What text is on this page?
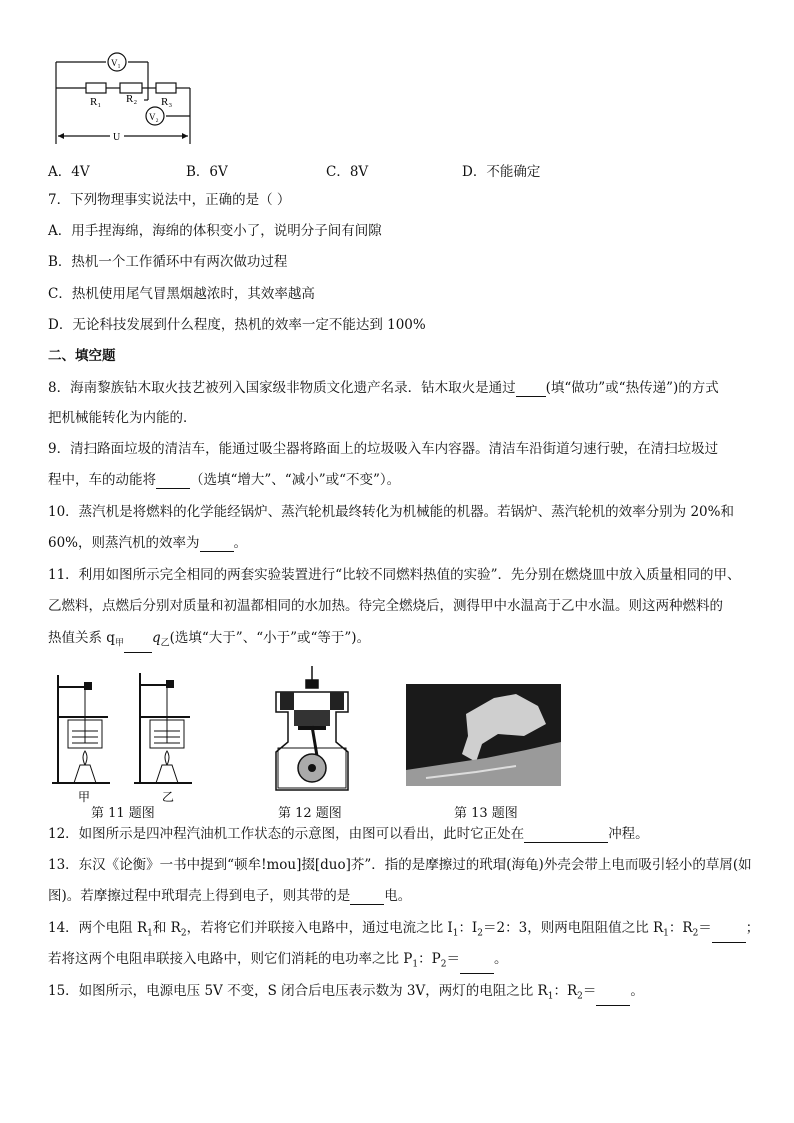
V₁
V₂
R₁ R₂ R₃
U
A．4V	B．6V	C．8V	D．不能确定
7．下列物理事实说法中，正确的是（ ）
A．用手捏海绵，海绵的体积变小了，说明分子间有间隙
B．热机一个工作循环中有两次做功过程
C．热机使用尾气冒黑烟越浓时，其效率越高
D．无论科技发展到什么程度，热机的效率一定不能达到 100%
二、填空题
8．海南黎族钻木取火技艺被列入国家级非物质文化遗产名录．钻木取火是通过 (填“做功”或“热传递”)的方式
把机械能转化为内能的．
9．清扫路面垃圾的清洁车，能通过吸尘器将路面上的垃圾吸入车内容器。清洁车沿街道匀速行驶，在清扫垃圾过
程中，车的动能将	（选填“增大”、“减小”或“不变”）。
10．蒸汽机是将燃料的化学能经锅炉、蒸汽轮机最终转化为机械能的机器。若锅炉、蒸汽轮机的效率分别为 20%和
60%，则蒸汽机的效率为	。
11．利用如图所示完全相同的两套实验装置进行“比较不同燃料热值的实验”．先分别在燃烧皿中放入质量相同的甲、
乙燃料，点燃后分别对质量和初温都相同的水加热。待完全燃烧后，测得甲中水温高于乙中水温。则这两种燃料的
热值关系 $q_甲$ $q_乙$(选填“大于”、“小于”或“等于”)。
甲	乙
第 11 题图	第 12 题图	第 13 题图
12．如图所示是四冲程汽油机工作状态的示意图，由图可以看出，此时它正处在	冲程。
13．东汉《论衡》一书中提到“顿牟!mou]掇[duo]芥”．指的是摩擦过的玳瑁(海龟)外壳会带上电而吸引轻小的草屑(如
图)。若摩擦过程中玳瑁壳上得到电子，则其带的是	电。
14．两个电阻 $R_1$和 $R_2$，若将它们并联接入电路中，通过电流之比 $I_1$：$I_2=2$：3，则两电阻阻值之比 $R_1$：$R_2=$	；
若将这两个电阻串联接入电路中，则它们消耗的电功率之比 $P_1$：$P_2=$	。
15．如图所示，电源电压 5V 不变，S 闭合后电压表示数为 3V，两灯的电阻之比 $R_1$：$R_2=$	。
